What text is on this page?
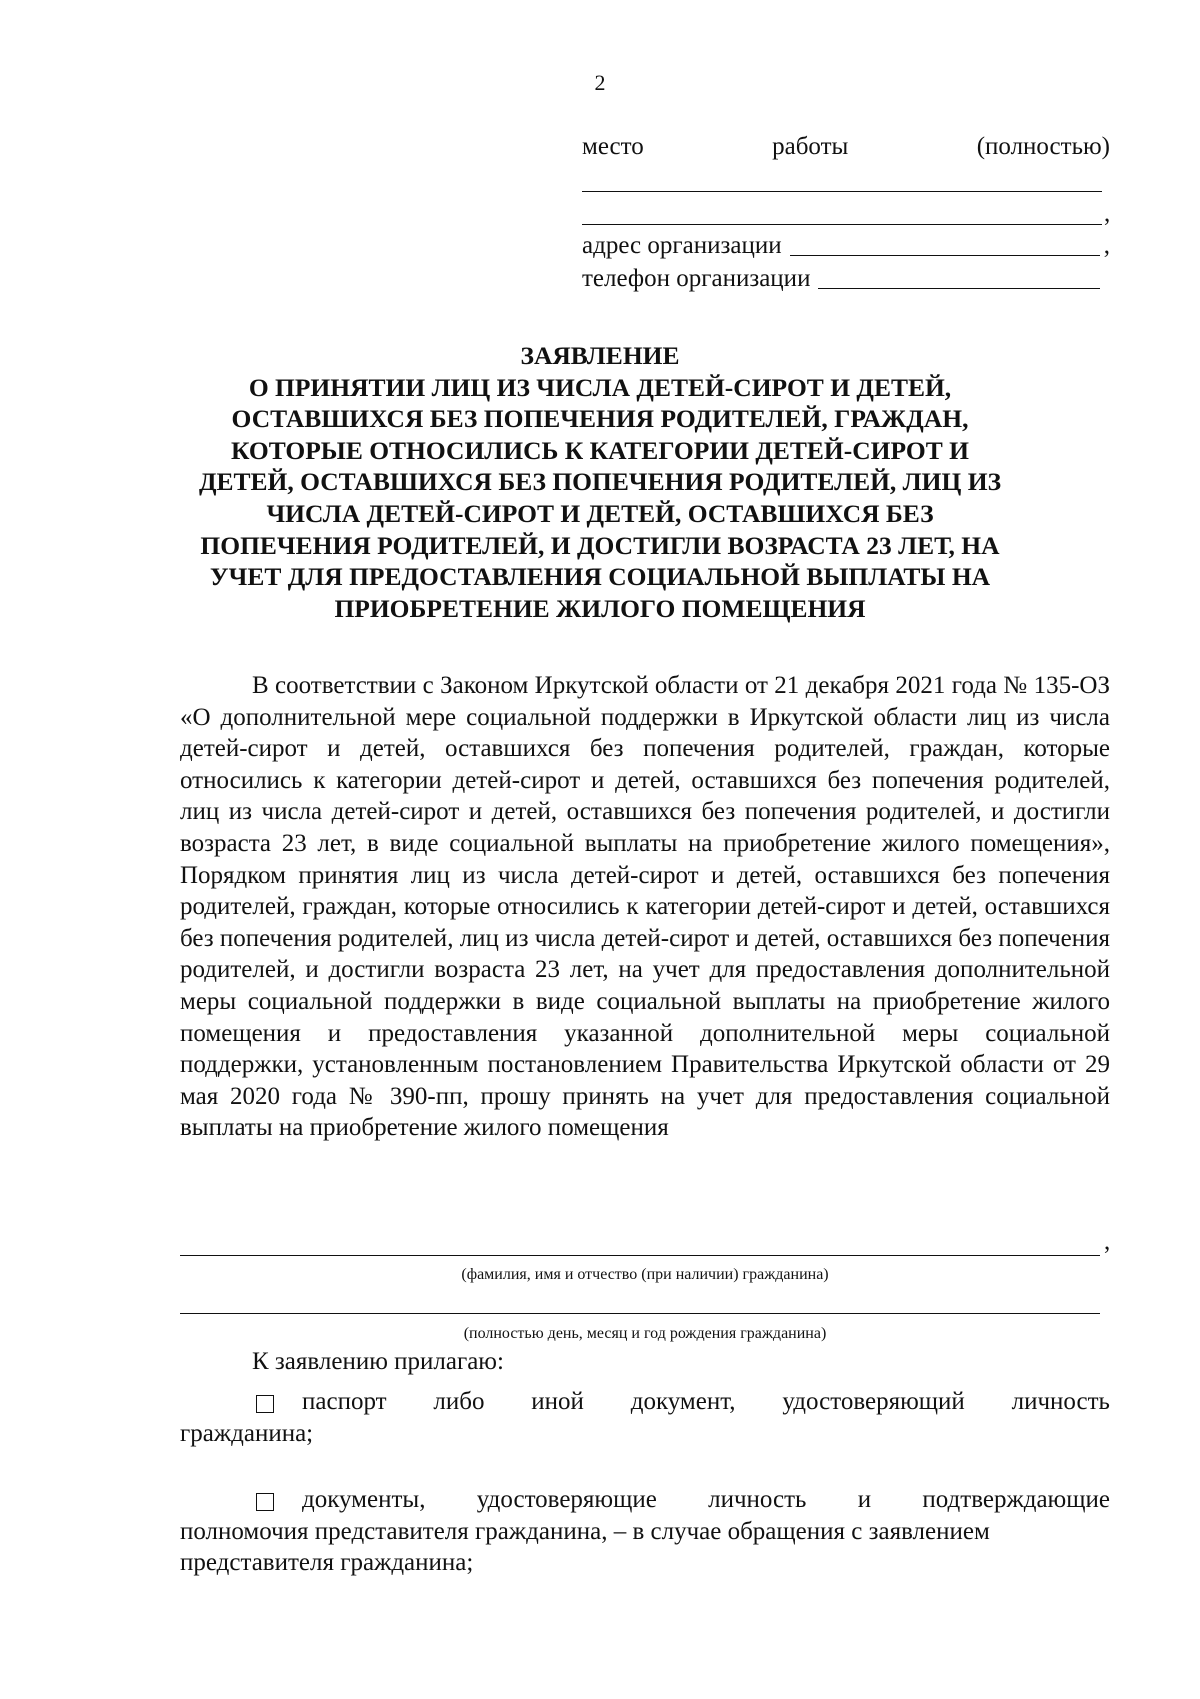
2
место	работы	(полностью)
,
адрес организации	,
телефон организации
ЗАЯВЛЕНИЕ
О ПРИНЯТИИ ЛИЦ ИЗ ЧИСЛА ДЕТЕЙ-СИРОТ И ДЕТЕЙ,
ОСТАВШИХСЯ БЕЗ ПОПЕЧЕНИЯ РОДИТЕЛЕЙ, ГРАЖДАН,
КОТОРЫЕ ОТНОСИЛИСЬ К КАТЕГОРИИ ДЕТЕЙ-СИРОТ И
ДЕТЕЙ, ОСТАВШИХСЯ БЕЗ ПОПЕЧЕНИЯ РОДИТЕЛЕЙ, ЛИЦ ИЗ
ЧИСЛА ДЕТЕЙ-СИРОТ И ДЕТЕЙ, ОСТАВШИХСЯ БЕЗ
ПОПЕЧЕНИЯ РОДИТЕЛЕЙ, И ДОСТИГЛИ ВОЗРАСТА 23 ЛЕТ, НА
УЧЕТ ДЛЯ ПРЕДОСТАВЛЕНИЯ СОЦИАЛЬНОЙ ВЫПЛАТЫ НА
ПРИОБРЕТЕНИЕ ЖИЛОГО ПОМЕЩЕНИЯ
В соответствии с Законом Иркутской области от 21 декабря 2021 года № 135-ОЗ «О дополнительной мере социальной поддержки в Иркутской области лиц из числа детей-сирот и детей, оставшихся без попечения родителей, граждан, которые относились к категории детей-сирот и детей, оставшихся без попечения родителей, лиц из числа детей-сирот и детей, оставшихся без попечения родителей, и достигли возраста 23 лет, в виде социальной выплаты на приобретение жилого помещения», Порядком принятия лиц из числа детей-сирот и детей, оставшихся без попечения родителей, граждан, которые относились к категории детей-сирот и детей, оставшихся без попечения родителей, лиц из числа детей-сирот и детей, оставшихся без попечения родителей, и достигли возраста 23 лет, на учет для предоставления дополнительной меры социальной поддержки в виде социальной выплаты на приобретение жилого помещения и предоставления указанной дополнительной меры социальной поддержки, установленным постановлением Правительства Иркутской области от 29 мая 2020 года № 390-пп, прошу принять на учет для предоставления социальной выплаты на приобретение жилого помещения
,
(фамилия, имя и отчество (при наличии) гражданина)
(полностью день, месяц и год рождения гражданина)
К заявлению прилагаю:
паспорт либо иной документ, удостоверяющий личность
гражданина;
документы, удостоверяющие личность и подтверждающие
полномочия представителя гражданина, – в случае обращения с заявлением представителя гражданина;
